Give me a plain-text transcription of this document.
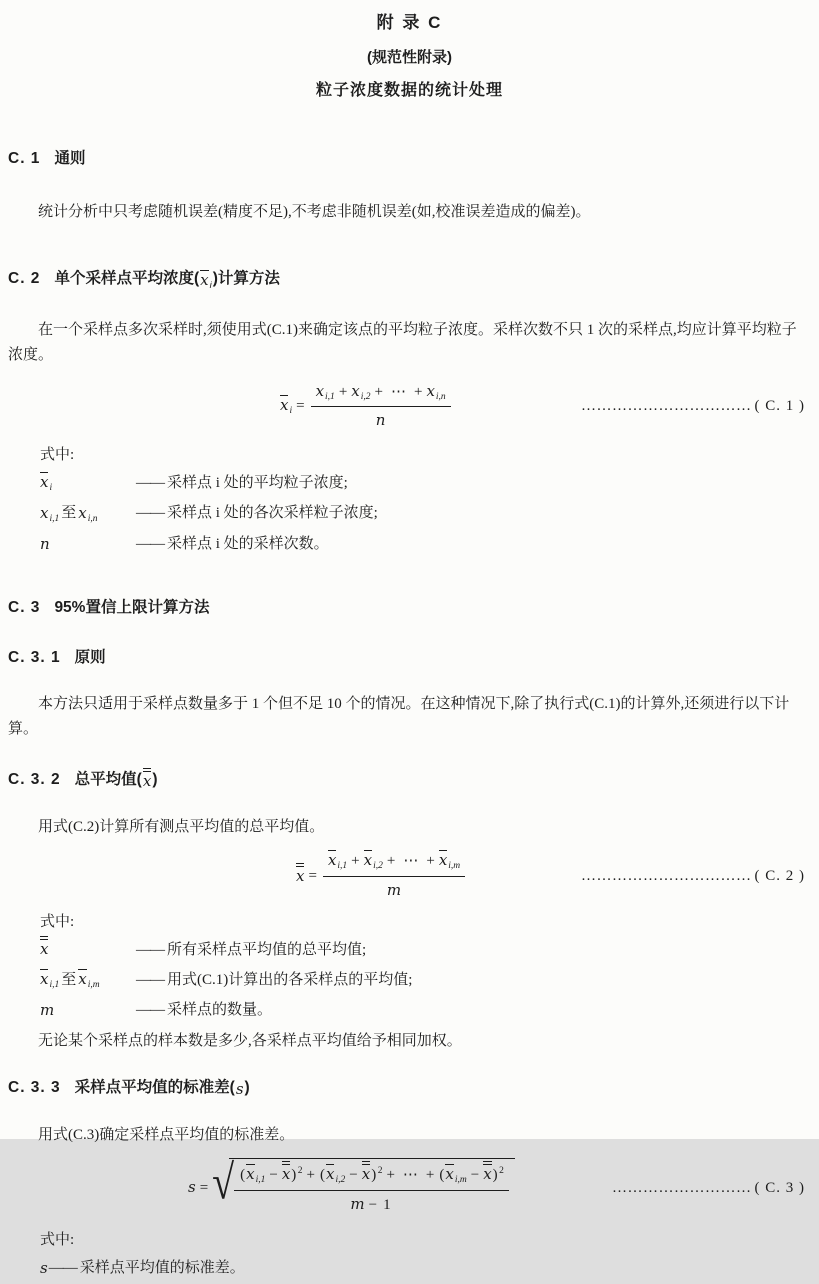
附 录 C
(规范性附录)
粒子浓度数据的统计处理
C. 1 通则

统计分析中只考虑随机误差(精度不足),不考虑非随机误差(如,校准误差造成的偏差)。

C. 2 单个采样点平均浓度( $x_i$ )计算方法

在一个采样点多次采样时,须使用式(C.1)来确定该点的平均粒子浓度。采样次数不只 1 次的采样点,均应计算平均粒子浓度。

$x_i = \frac{x_{i,1} + x_{i,2} + \cdots + x_{i,n}}{n}$	…………………………… ( C. 1 )

式中:

$x_i$	—— 采样点 i 处的平均粒子浓度;
$x_{i,1}$ 至 $x_{i,n}$	—— 采样点 i 处的各次采样粒子浓度;
n	—— 采样点 i 处的采样次数。
C. 3 95%置信上限计算方法
C. 3. 1 原则

本方法只适用于采样点数量多于 1 个但不足 10 个的情况。在这种情况下,除了执行式(C.1)的计算外,还须进行以下计算。

C. 3. 2 总平均值( x )

用式(C.2)计算所有测点平均值的总平均值。

$x = \frac{x_{i,1} + x_{i,2} + \cdots + x_{i,m}}{m}$	…………………………… ( C. 2 )

式中:

x	—— 所有采样点平均值的总平均值;
$x_{i,1}$ 至 $x_{i,m}$ —— 用式(C.1)计算出的各采样点的平均值;
m	—— 采样点的数量。

无论某个采样点的样本数是多少,各采样点平均值给予相同加权。

C. 3. 3 采样点平均值的标准差( s )

用式(C.3)确定采样点平均值的标准差。

s = √ $\frac{(x_{i,1} - x) ^2 + (x_{i,2} - x) ^2 + \cdots + (x_{i,m} - x) ^2}{m - 1}$	……………………… ( C. 3 )

式中:

s —— 采样点平均值的标准差。
